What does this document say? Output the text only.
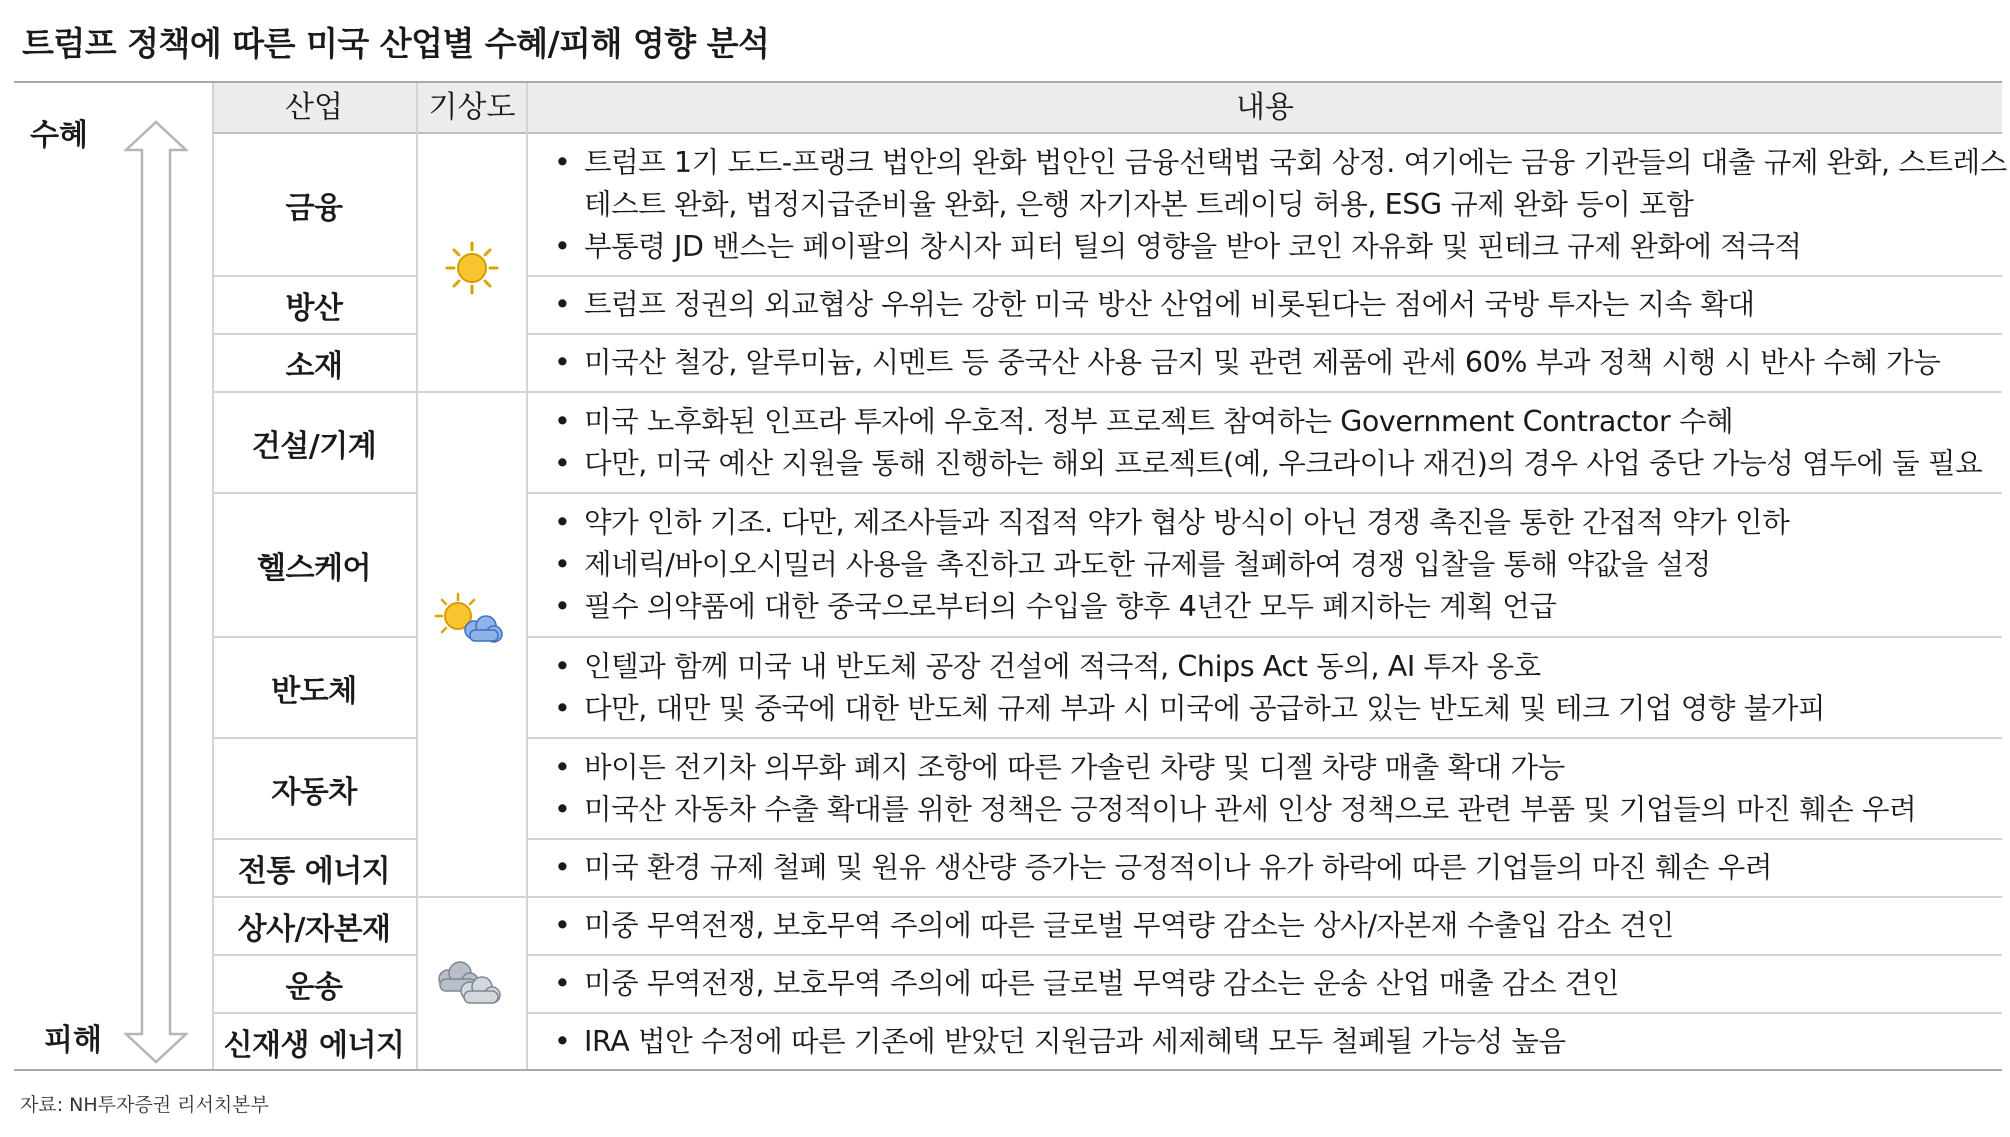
트럼프 정책에 따른 미국 산업별 수혜/피해 영향 분석
수혜
피해
산업	기상도	내용
금융
방산
소재
건설/기계
헬스케어
반도체
자동차
전통 에너지
상사/자본재
운송
신재생 에너지
• 트럼프 1기 도드-프랭크 법안의 완화 법안인 금융선택법 국회 상정. 여기에는 금융 기관들의 대출 규제 완화, 스트레스
테스트 완화, 법정지급준비율 완화, 은행 자기자본 트레이딩 허용, ESG 규제 완화 등이 포함
• 부통령 JD 밴스는 페이팔의 창시자 피터 틸의 영향을 받아 코인 자유화 및 핀테크 규제 완화에 적극적
• 트럼프 정권의 외교협상 우위는 강한 미국 방산 산업에 비롯된다는 점에서 국방 투자는 지속 확대
• 미국산 철강, 알루미늄, 시멘트 등 중국산 사용 금지 및 관련 제품에 관세 60% 부과 정책 시행 시 반사 수혜 가능
• 미국 노후화된 인프라 투자에 우호적. 정부 프로젝트 참여하는 Government Contractor 수혜
• 다만, 미국 예산 지원을 통해 진행하는 해외 프로젝트(예, 우크라이나 재건)의 경우 사업 중단 가능성 염두에 둘 필요
• 약가 인하 기조. 다만, 제조사들과 직접적 약가 협상 방식이 아닌 경쟁 촉진을 통한 간접적 약가 인하
• 제네릭/바이오시밀러 사용을 촉진하고 과도한 규제를 철폐하여 경쟁 입찰을 통해 약값을 설정
• 필수 의약품에 대한 중국으로부터의 수입을 향후 4년간 모두 폐지하는 계획 언급
• 인텔과 함께 미국 내 반도체 공장 건설에 적극적, Chips Act 동의, AI 투자 옹호
• 다만, 대만 및 중국에 대한 반도체 규제 부과 시 미국에 공급하고 있는 반도체 및 테크 기업 영향 불가피
• 바이든 전기차 의무화 폐지 조항에 따른 가솔린 차량 및 디젤 차량 매출 확대 가능
• 미국산 자동차 수출 확대를 위한 정책은 긍정적이나 관세 인상 정책으로 관련 부품 및 기업들의 마진 훼손 우려
• 미국 환경 규제 철폐 및 원유 생산량 증가는 긍정적이나 유가 하락에 따른 기업들의 마진 훼손 우려
• 미중 무역전쟁, 보호무역 주의에 따른 글로벌 무역량 감소는 상사/자본재 수출입 감소 견인
• 미중 무역전쟁, 보호무역 주의에 따른 글로벌 무역량 감소는 운송 산업 매출 감소 견인
• IRA 법안 수정에 따른 기존에 받았던 지원금과 세제혜택 모두 철폐될 가능성 높음
자료: NH투자증권 리서치본부
